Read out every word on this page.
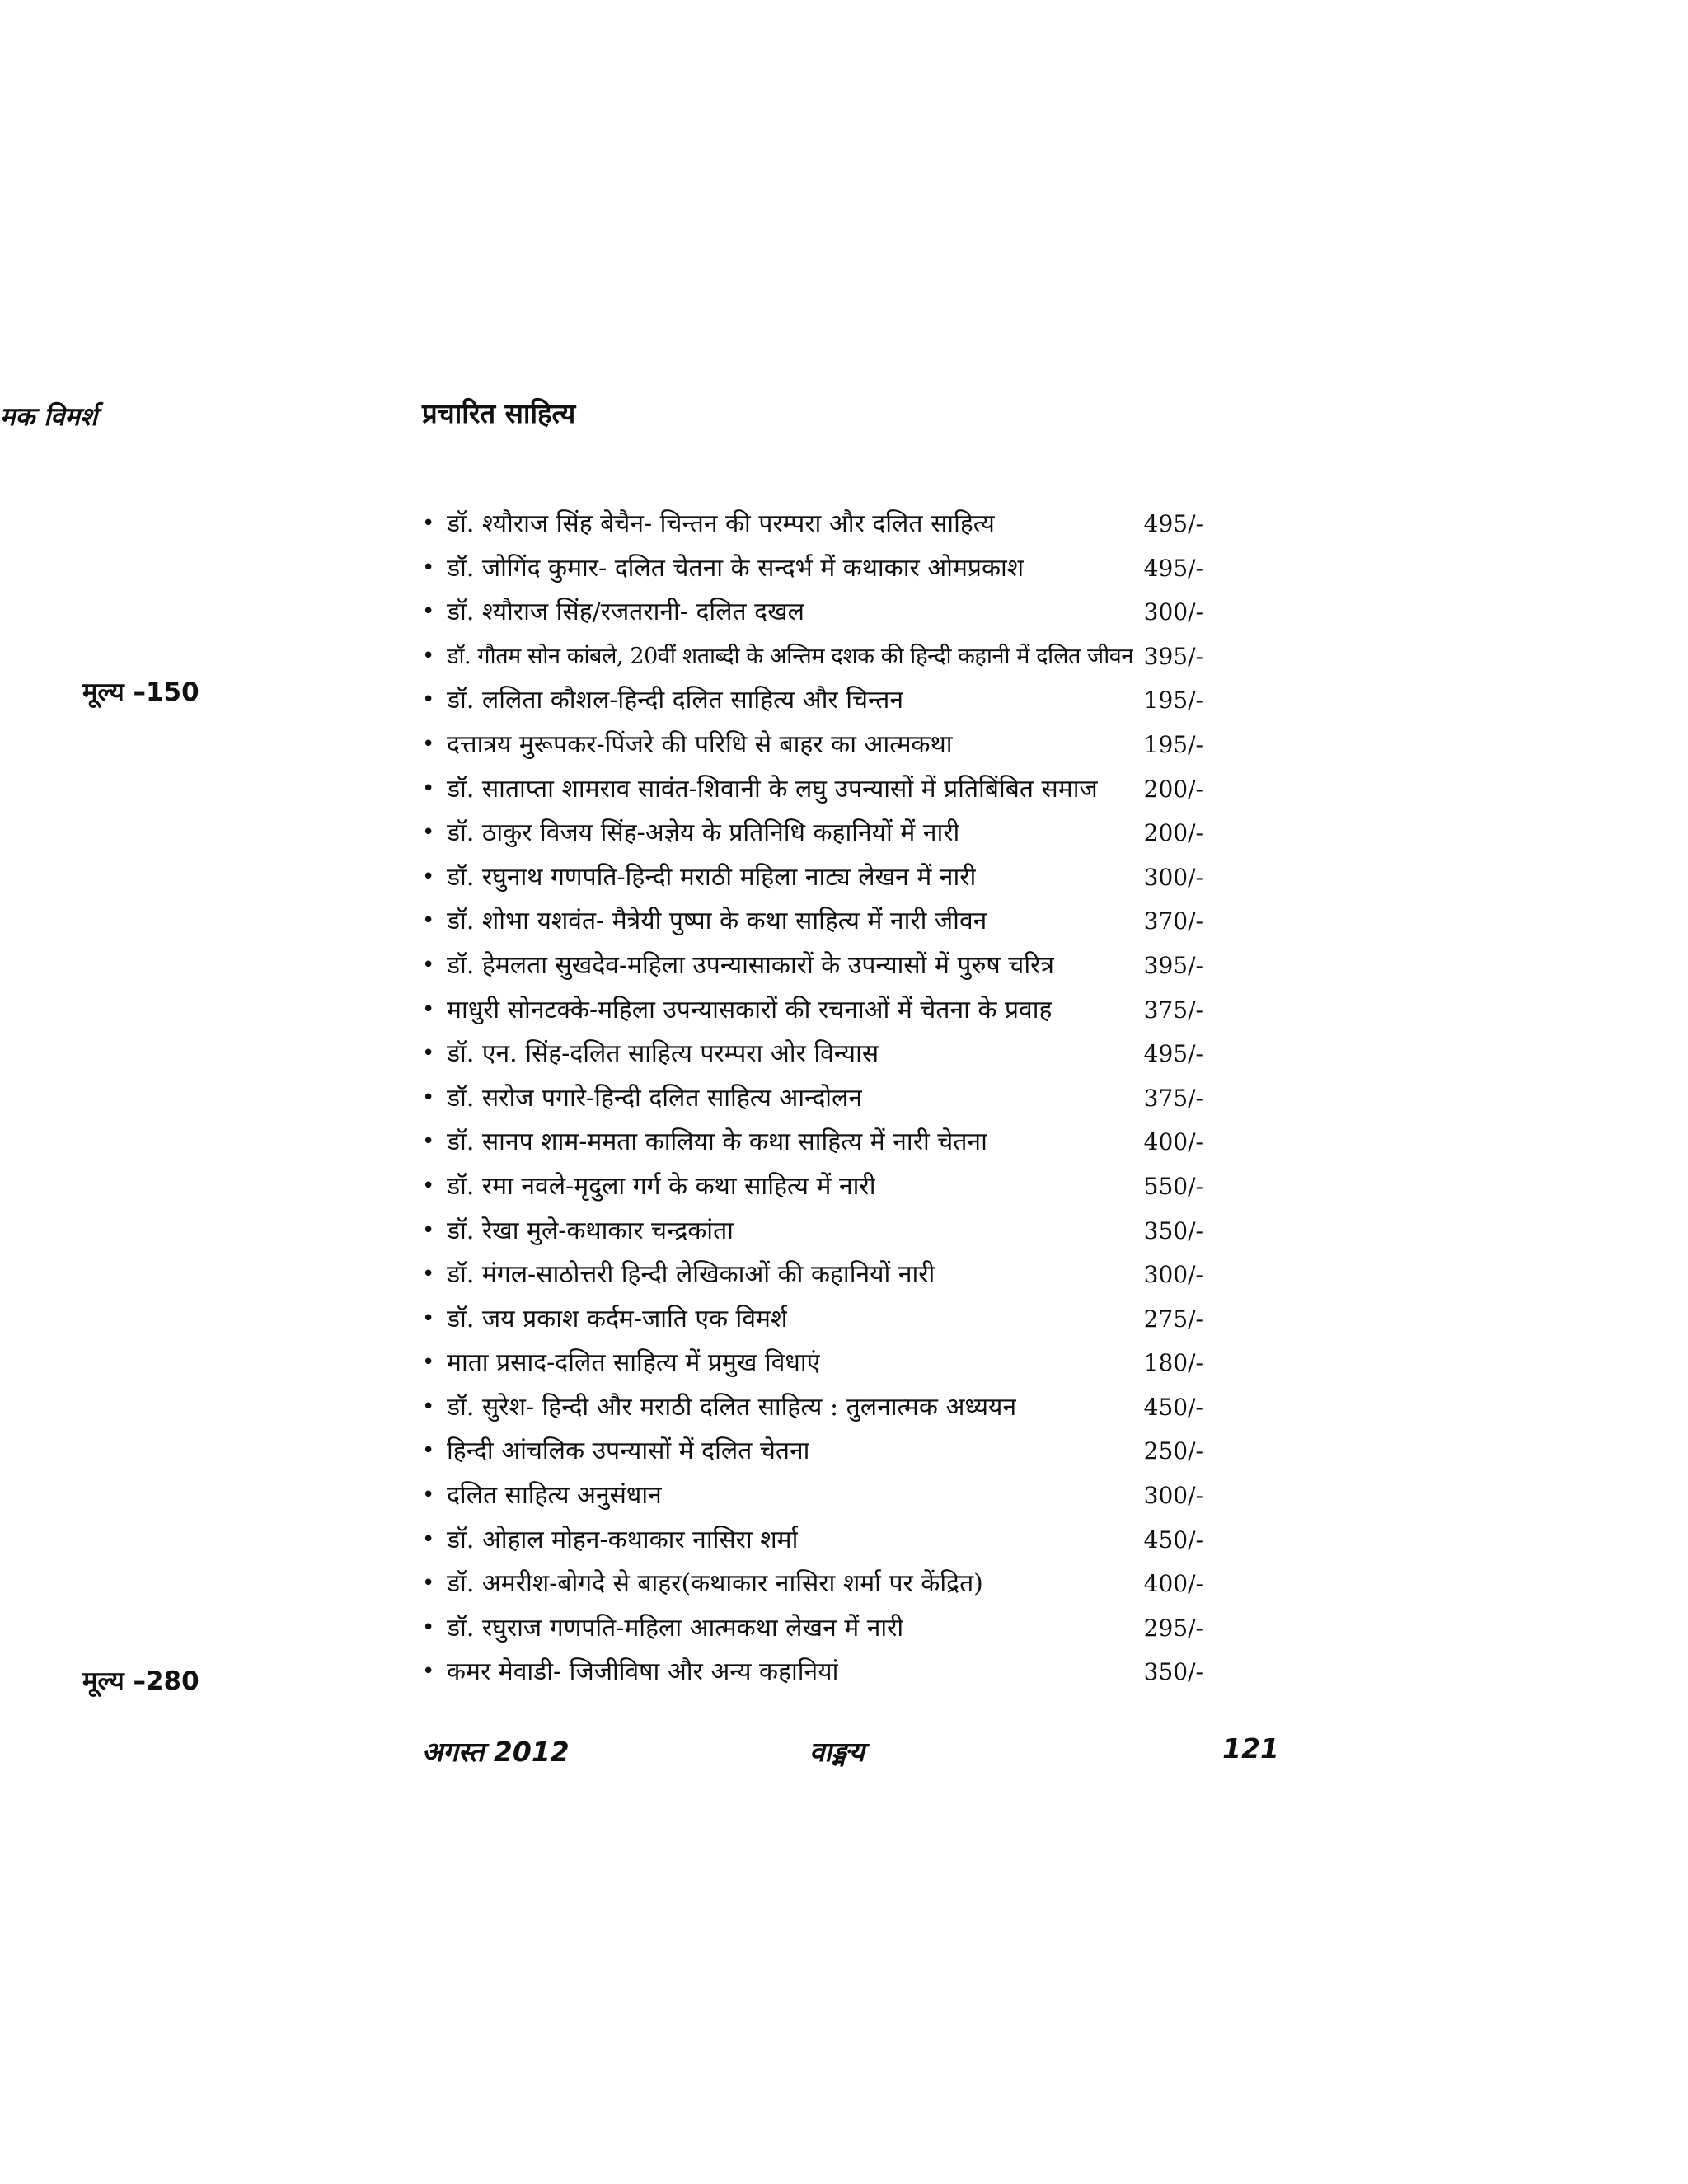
मक विमर्श
मूल्य –150
मूल्य –280
प्रचारित साहित्य
• डॉ. श्यौराज सिंह बेचैन- चिन्तन की परम्परा और दलित साहित्य	495/-
• डॉ. जोगिंद कुमार- दलित चेतना के सन्दर्भ में कथाकार ओमप्रकाश	495/-
• डॉ. श्यौराज सिंह/रजतरानी- दलित दखल	300/-
• डॉ. गौतम सोन कांबले, 20वीं शताब्दी के अन्तिम दशक की हिन्दी कहानी में दलित जीवन 395/-
• डॉ. ललिता कौशल-हिन्दी दलित साहित्य और चिन्तन	195/-
• दत्तात्रय मुरूपकर-पिंजरे की परिधि से बाहर का आत्मकथा	195/-
• डॉ. साताप्ता शामराव सावंत-शिवानी के लघु उपन्यासों में प्रतिबिंबित समाज 200/-
• डॉ. ठाकुर विजय सिंह-अज्ञेय के प्रतिनिधि कहानियों में नारी	200/-
• डॉ. रघुनाथ गणपति-हिन्दी मराठी महिला नाट्य लेखन में नारी	300/-
• डॉ. शोभा यशवंत- मैत्रेयी पुष्पा के कथा साहित्य में नारी जीवन	370/-
• डॉ. हेमलता सुखदेव-महिला उपन्यासाकारों के उपन्यासों में पुरुष चरित्र	395/-
• माधुरी सोनटक्के-महिला उपन्यासकारों की रचनाओं में चेतना के प्रवाह	375/-
• डॉ. एन. सिंह-दलित साहित्य परम्परा ओर विन्यास	495/-
• डॉ. सरोज पगारे-हिन्दी दलित साहित्य आन्दोलन	375/-
• डॉ. सानप शाम-ममता कालिया के कथा साहित्य में नारी चेतना	400/-
• डॉ. रमा नवले-मृदुला गर्ग के कथा साहित्य में नारी	550/-
• डॉ. रेखा मुले-कथाकार चन्द्रकांता	350/-
• डॉ. मंगल-साठोत्तरी हिन्दी लेखिकाओं की कहानियों नारी	300/-
• डॉ. जय प्रकाश कर्दम-जाति एक विमर्श	275/-
• माता प्रसाद-दलित साहित्य में प्रमुख विधाएं	180/-
• डॉ. सुरेश- हिन्दी और मराठी दलित साहित्य : तुलनात्मक अध्ययन	450/-
• हिन्दी आंचलिक उपन्यासों में दलित चेतना	250/-
• दलित साहित्य अनुसंधान	300/-
• डॉ. ओहाल मोहन-कथाकार नासिरा शर्मा	450/-
• डॉ. अमरीश-बोगदे से बाहर(कथाकार नासिरा शर्मा पर केंद्रित)	400/-
• डॉ. रघुराज गणपति-महिला आत्मकथा लेखन में नारी	295/-
• कमर मेवाडी- जिजीविषा और अन्य कहानियां	350/-
अगस्त 2012	वाङ्मय	121
